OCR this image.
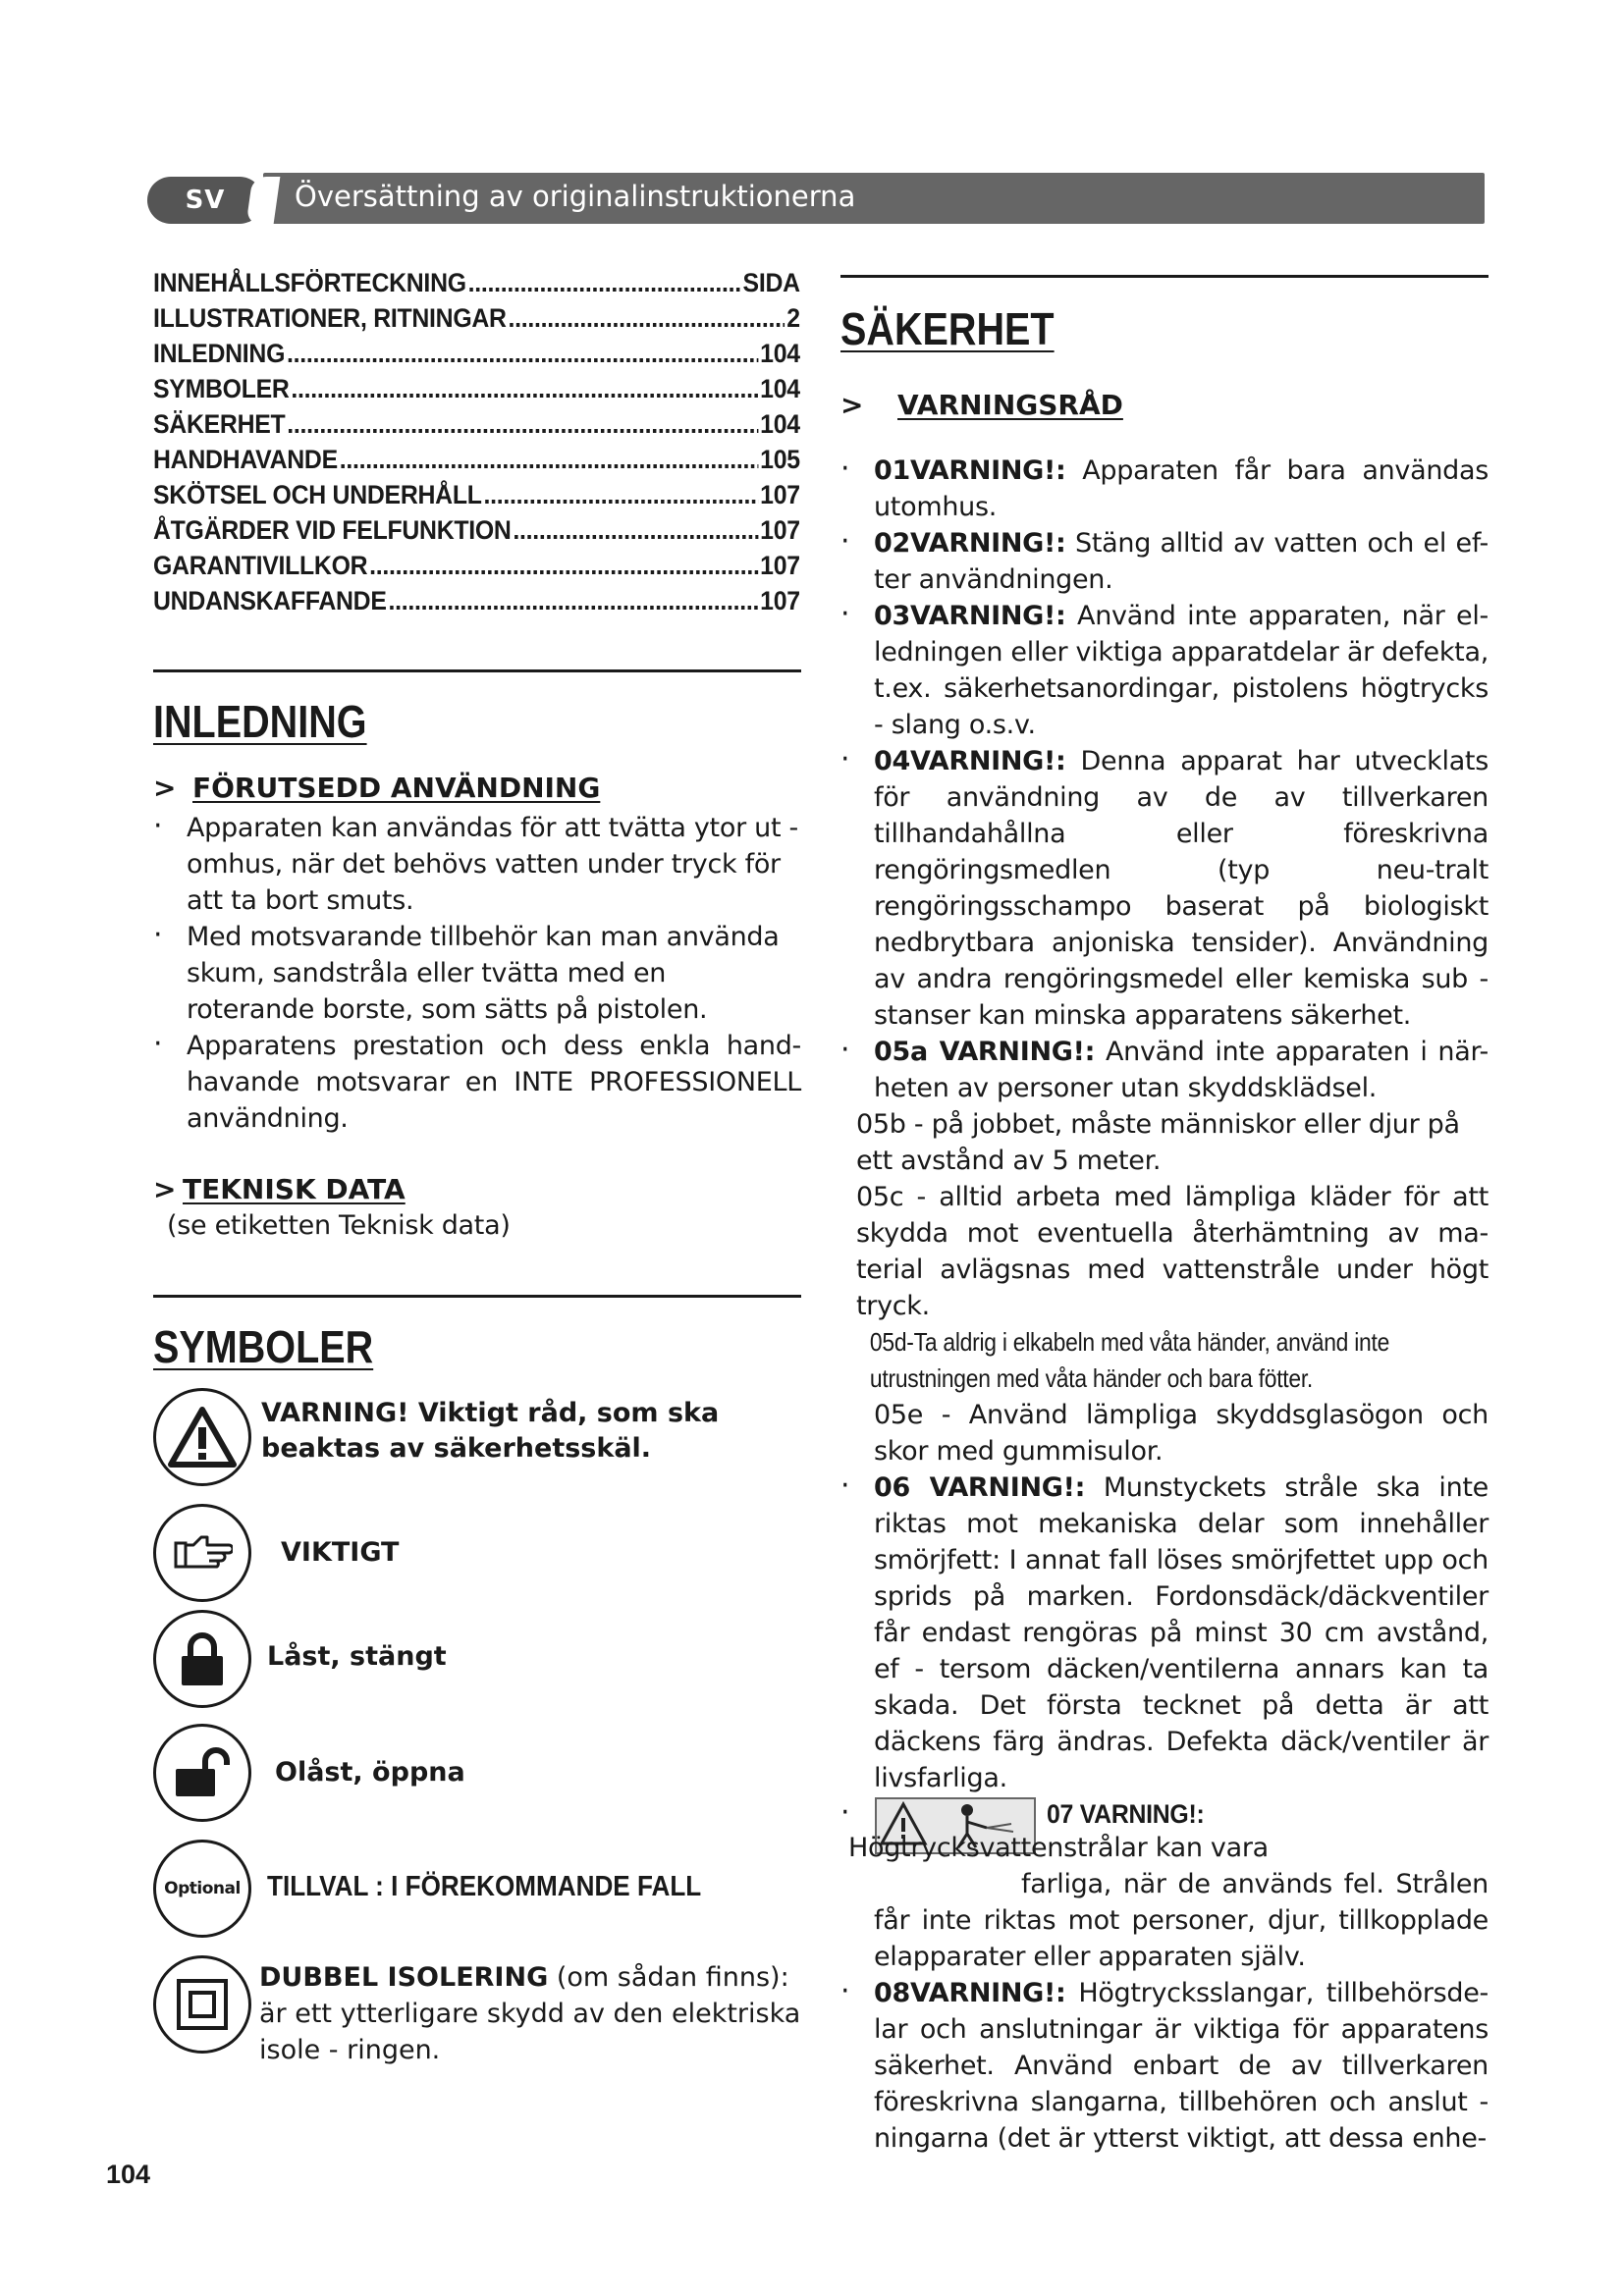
SV	Översättning av originalinstruktionerna
INNEHÅLLSFÖRTECKNING .....	SIDA
ILLUSTRATIONER, RITNINGAR .....	2
INLEDNING .....	104
SYMBOLER .....	104
SÄKERHET .....	104
HANDHAVANDE .....	105
SKÖTSEL OCH UNDERHÅLL .....	107
ÅTGÄRDER VID FELFUNKTION .....	107
GARANTIVILLKOR .....	107
UNDANSKAFFANDE .....	107
INLEDNING
> FÖRUTSEDD ANVÄNDNING
· Apparaten kan användas för att tvätta ytor ut - omhus, när det behövs vatten under tryck för att ta bort smuts.
· Med motsvarande tillbehör kan man använda skum, sandstråla eller tvätta med en roterande borste, som sätts på pistolen.
· Apparatens prestation och dess enkla hand-havande motsvarar en INTE PROFESSIONELL användning.
> TEKNISK DATA
(se etiketten Teknisk data)
SYMBOLER
VARNING! Viktigt råd, som ska beaktas av säkerhetsskäl.
VIKTIGT
Låst, stängt
Olåst, öppna
Optional TILLVAL : I FÖREKOMMANDE FALL
DUBBEL ISOLERING (om sådan finns): är ett ytterligare skydd av den elektriska isole - ringen.
SÄKERHET
> VARNINGSRÅD
· 01VARNING!: Apparaten får bara användas utomhus.
· 02VARNING!: Stäng alltid av vatten och el ef-ter användningen.
· 03VARNING!: Använd inte apparaten, när el-ledningen eller viktiga apparatdelar är defekta, t.ex. säkerhetsanordingar, pistolens högtrycks - slang o.s.v.
· 04VARNING!: Denna apparat har utvecklats för användning av de av tillverkaren tillhandahållna eller föreskrivna rengöringsmedlen (typ neu-tralt rengöringsschampo baserat på biologiskt nedbrytbara anjoniska tensider). Användning av andra rengöringsmedel eller kemiska sub - stanser kan minska apparatens säkerhet.
· 05a VARNING!: Använd inte apparaten i när-heten av personer utan skyddsklädsel.
05b - på jobbet, måste människor eller djur på ett avstånd av 5 meter.
05c - alltid arbeta med lämpliga kläder för att skydda mot eventuella återhämtning av ma-terial avlägsnas med vattenstråle under högt tryck.
05d-Ta aldrig i elkabeln med våta händer, använd inte utrustningen med våta händer och bara fötter.
05e - Använd lämpliga skyddsglasögon och skor med gummisulor.
· 06 VARNING!: Munstyckets stråle ska inte riktas mot mekaniska delar som innehåller smörjfett: I annat fall löses smörjfettet upp och sprids på marken. Fordonsdäck/däckventiler får endast rengöras på minst 30 cm avstånd, ef - tersom däcken/ventilerna annars kan ta skada. Det första tecknet på detta är att däckens färg ändras. Defekta däck/ventiler är livsfarliga.
· 07 VARNING!:
Högtrycksvattenstrålar kan vara
farliga, när de används fel. Strålen får inte riktas mot personer, djur, tillkopplade elapparater eller apparaten själv.
· 08VARNING!: Högtrycksslangar, tillbehörsde-lar och anslutningar är viktiga för apparatens säkerhet. Använd enbart de av tillverkaren föreskrivna slangarna, tillbehören och anslut - ningarna (det är ytterst viktigt, att dessa enhe-
104
